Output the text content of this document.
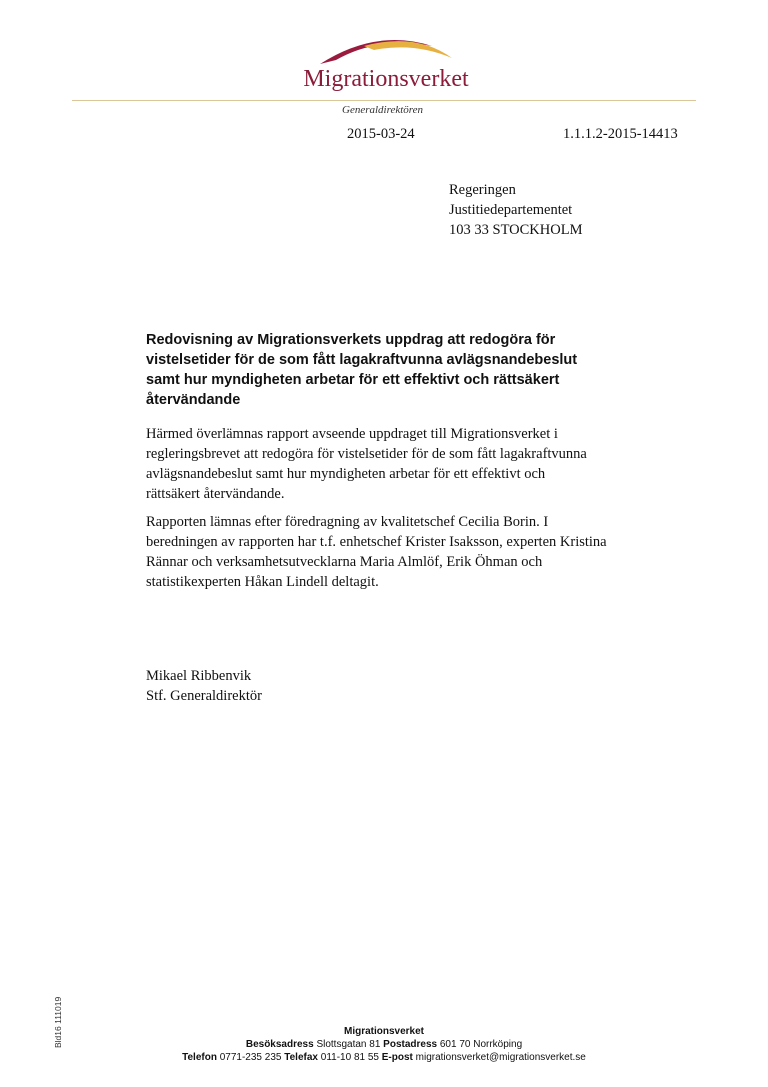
Migrationsverket
Generaldirektören
2015-03-24	1.1.1.2-2015-14413
Regeringen
Justitiedepartementet
103 33 STOCKHOLM
Redovisning av Migrationsverkets uppdrag att redogöra för
vistelsetider för de som fått lagakraftvunna avlägsnandebeslut
samt hur myndigheten arbetar för ett effektivt och rättsäkert
återvändande
Härmed överlämnas rapport avseende uppdraget till Migrationsverket i
regleringsbrevet att redogöra för vistelsetider för de som fått lagakraftvunna
avlägsnandebeslut samt hur myndigheten arbetar för ett effektivt och
rättsäkert återvändande.
Rapporten lämnas efter föredragning av kvalitetschef Cecilia Borin. I
beredningen av rapporten har t.f. enhetschef Krister Isaksson, experten Kristina
Rännar och verksamhetsutvecklarna Maria Almlöf, Erik Öhman och
statistikexperten Håkan Lindell deltagit.
Mikael Ribbenvik
Stf. Generaldirektör
Bld16 111019	Migrationsverket
Besöksadress Slottsgatan 81 Postadress 601 70 Norrköping
Telefon 0771-235 235 Telefax 011-10 81 55 E-post migrationsverket@migrationsverket.se
